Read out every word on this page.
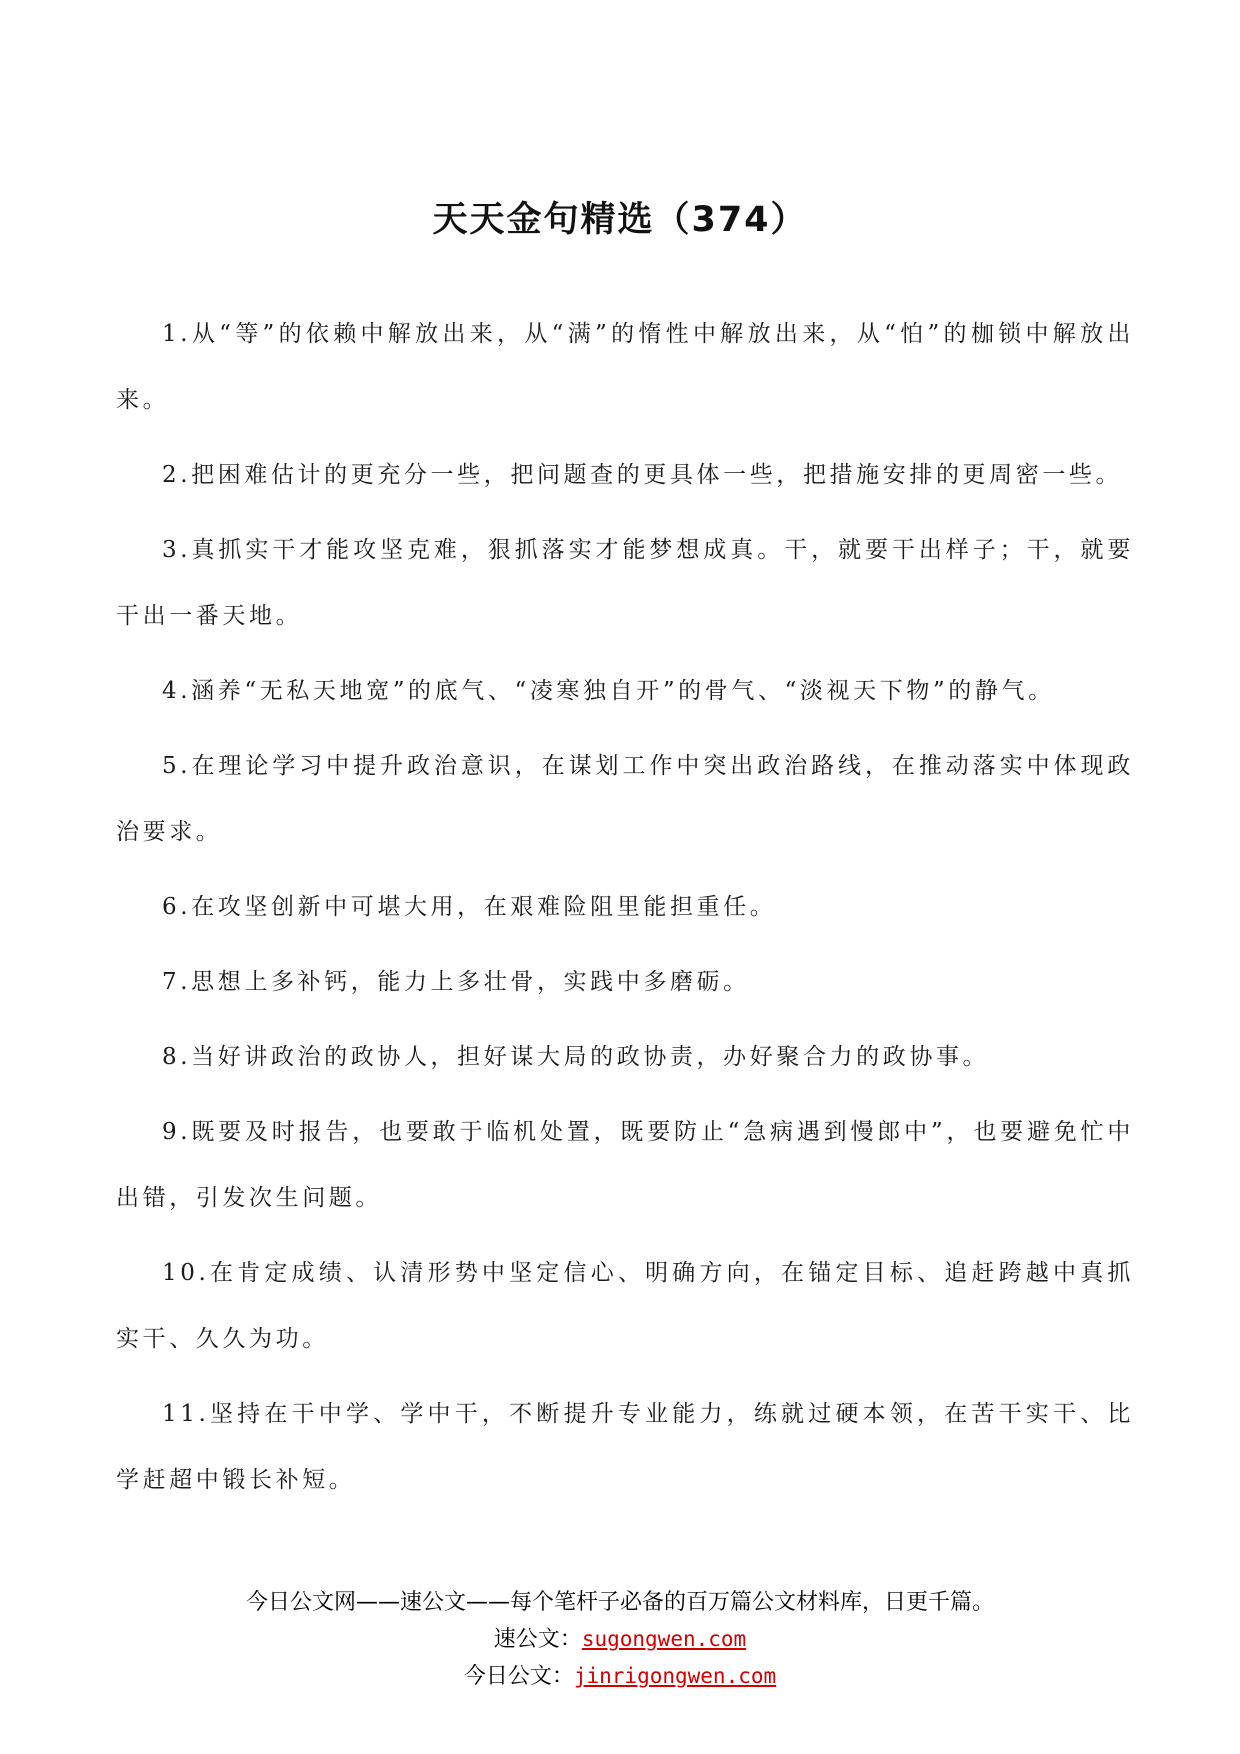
天天金句精选（374）

1.从“等”的依赖中解放出来，从“满”的惰性中解放出来，从“怕”的枷锁中解放出来。

2.把困难估计的更充分一些，把问题查的更具体一些，把措施安排的更周密一些。

3.真抓实干才能攻坚克难，狠抓落实才能梦想成真。干，就要干出样子；干，就要干出一番天地。

4.涵养“无私天地宽”的底气、“凌寒独自开”的骨气、“淡视天下物”的静气。

5.在理论学习中提升政治意识，在谋划工作中突出政治路线，在推动落实中体现政治要求。

6.在攻坚创新中可堪大用，在艰难险阻里能担重任。

7.思想上多补钙，能力上多壮骨，实践中多磨砺。

8.当好讲政治的政协人，担好谋大局的政协责，办好聚合力的政协事。

9.既要及时报告，也要敢于临机处置，既要防止“急病遇到慢郎中”，也要避免忙中出错，引发次生问题。

10.在肯定成绩、认清形势中坚定信心、明确方向，在锚定目标、追赶跨越中真抓实干、久久为功。

11.坚持在干中学、学中干，不断提升专业能力，练就过硬本领，在苦干实干、比学赶超中锻长补短。

今日公文网——速公文——每个笔杆子必备的百万篇公文材料库，日更千篇。
速公文：sugongwen.com
今日公文：jinrigongwen.com
